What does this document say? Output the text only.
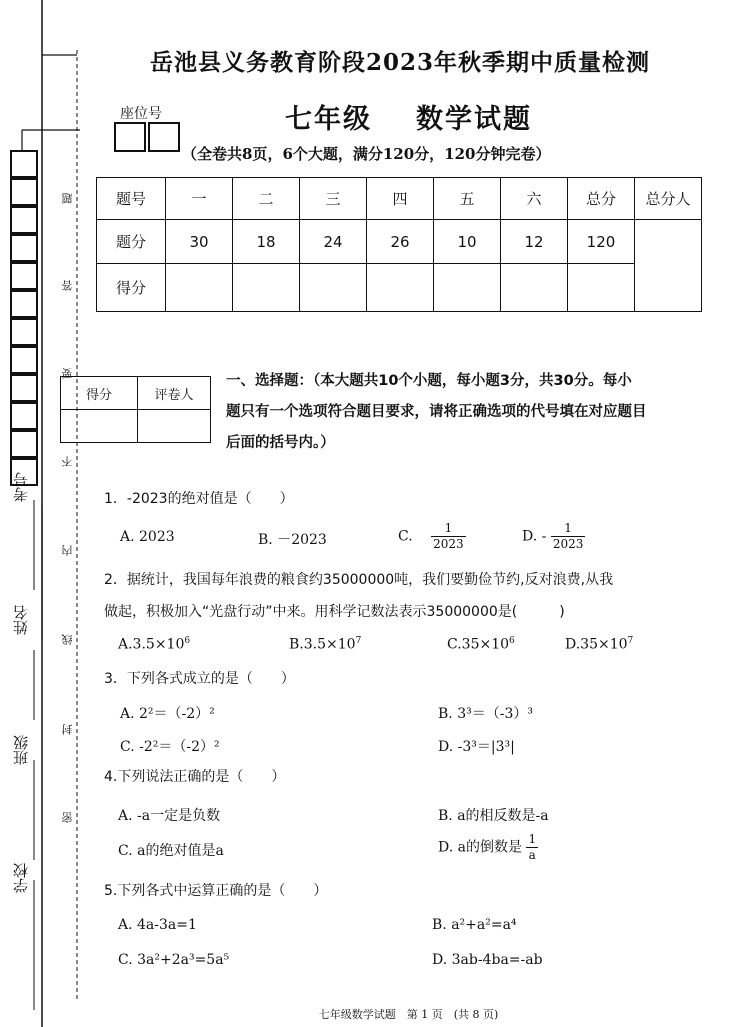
岳池县义务教育阶段2023年秋季期中质量检测
七年级 数学试题
（全卷共8页，6个大题，满分120分，120分钟完卷）
座位号
考号
姓名
班级
学校
题
答
要
不
内
线
封
密
题号	一	二	三	四	五	六	总分	总分人
题分	30	18	24	26	10	12	120	
得分								
得分	评卷人

一、选择题：（本大题共10个小题，每小题3分，共30分。每小
题只有一个选项符合题目要求，请将正确选项的代号填在对应题目
后面的括号内。）
1．-2023的绝对值是（　　）
A. 2023	B. －2023	C. $\frac{1}{2023}$	D. - $\frac{1}{2023}$
2．据统计，我国每年浪费的粮食约35000000吨，我们要勤俭节约,反对浪费,从我
做起，积极加入“光盘行动”中来。用科学记数法表示35000000是(　　　)
$A.3.5\times 10^6$	$B.3.5\times 10^7$	$C.35\times 10^6$	$D.35\times 10^7$
3．下列各式成立的是（　　）
A. 2²＝（-2）²	B. 3³＝（-3）³
C. -2²＝（-2）²	D. -3³＝|3³|
4.下列说法正确的是（　　）
A. -a一定是负数	B. a的相反数是-a
C. a的绝对值是a	D. a的倒数是 $\frac{1}{a}$
5.下列各式中运算正确的是（　　）
A. 4a-3a=1	B. a²+a²=a⁴
C. 3a²+2a³=5a⁵	D. 3ab-4ba=-ab
七年级数学试题　第 1 页　(共 8 页)
